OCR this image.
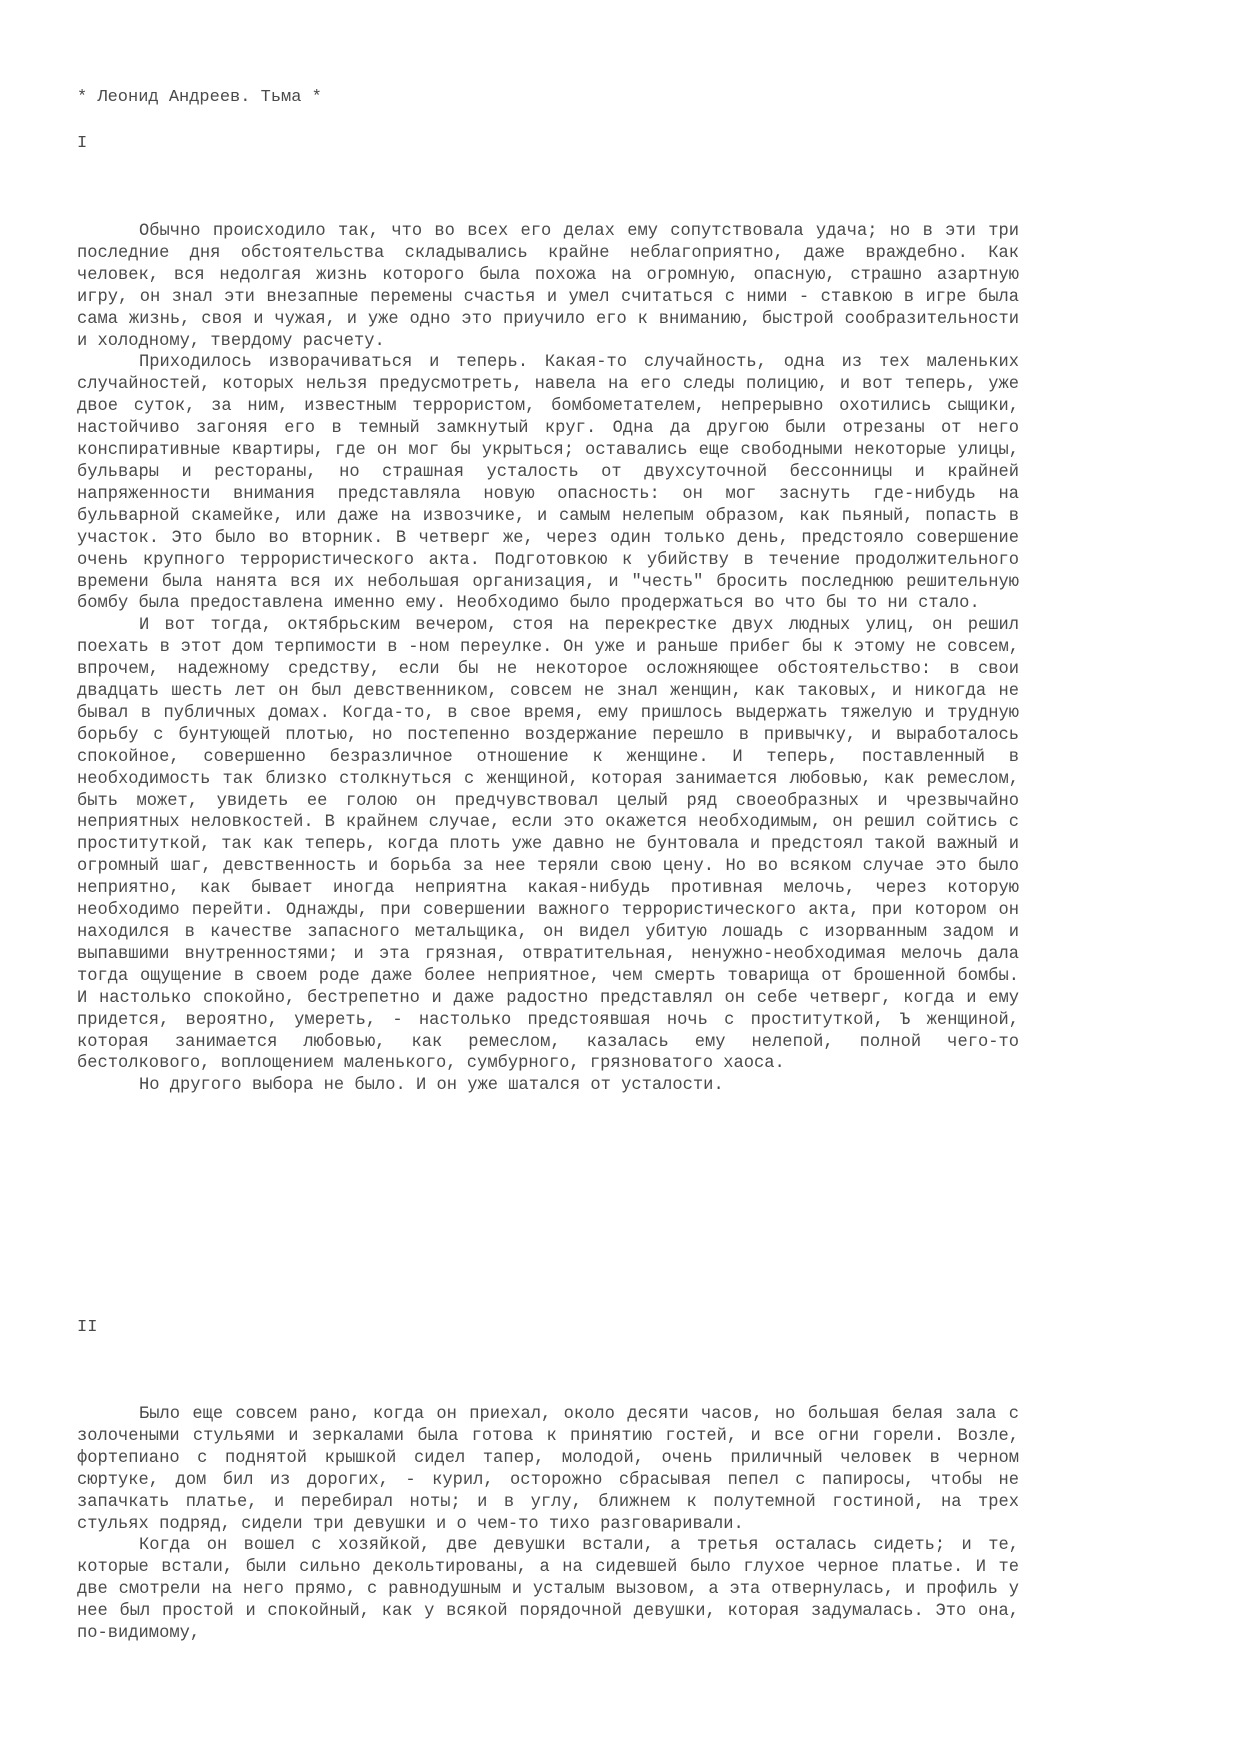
* Леонид Андреев. Тьма *
I

Обычно происходило так, что во всех его делах ему сопутствовала удача; но в эти три последние дня обстоятельства складывались крайне неблагоприятно, даже враждебно. Как человек, вся недолгая жизнь которого была похожа на огромную, опасную, страшно азартную игру, он знал эти внезапные перемены счастья и умел считаться с ними - ставкою в игре была сама жизнь, своя и чужая, и уже одно это приучило его к вниманию, быстрой сообразительности и холодному, твердому расчету.

Приходилось изворачиваться и теперь. Какая-то случайность, одна из тех маленьких случайностей, которых нельзя предусмотреть, навела на его следы полицию, и вот теперь, уже двое суток, за ним, известным террористом, бомбометателем, непрерывно охотились сыщики, настойчиво загоняя его в темный замкнутый круг. Одна да другою были отрезаны от него конспиративные квартиры, где он мог бы укрыться; оставались еще свободными некоторые улицы, бульвары и рестораны, но страшная усталость от двухсуточной бессонницы и крайней напряженности внимания представляла новую опасность: он мог заснуть где-нибудь на бульварной скамейке, или даже на извозчике, и самым нелепым образом, как пьяный, попасть в участок. Это было во вторник. В четверг же, через один только день, предстояло совершение очень крупного террористического акта. Подготовкою к убийству в течение продолжительного времени была нанята вся их небольшая организация, и "честь" бросить последнюю решительную бомбу была предоставлена именно ему. Необходимо было продержаться во что бы то ни стало.

И вот тогда, октябрьским вечером, стоя на перекрестке двух людных улиц, он решил поехать в этот дом терпимости в -ном переулке. Он уже и раньше прибег бы к этому не совсем, впрочем, надежному средству, если бы не некоторое осложняющее обстоятельство: в свои двадцать шесть лет он был девственником, совсем не знал женщин, как таковых, и никогда не бывал в публичных домах. Когда-то, в свое время, ему пришлось выдержать тяжелую и трудную борьбу с бунтующей плотью, но постепенно воздержание перешло в привычку, и выработалось спокойное, совершенно безразличное отношение к женщине. И теперь, поставленный в необходимость так близко столкнуться с женщиной, которая занимается любовью, как ремеслом, быть может, увидеть ее голою он предчувствовал целый ряд своеобразных и чрезвычайно неприятных неловкостей. В крайнем случае, если это окажется необходимым, он решил сойтись с проституткой, так как теперь, когда плоть уже давно не бунтовала и предстоял такой важный и огромный шаг, девственность и борьба за нее теряли свою цену. Но во всяком случае это было неприятно, как бывает иногда неприятна какая-нибудь противная мелочь, через которую необходимо перейти. Однажды, при совершении важного террористического акта, при котором он находился в качестве запасного метальщика, он видел убитую лошадь с изорванным задом и выпавшими внутренностями; и эта грязная, отвратительная, ненужно-необходимая мелочь дала тогда ощущение в своем роде даже более неприятное, чем смерть товарища от брошенной бомбы. И настолько спокойно, бестрепетно и даже радостно представлял он себе четверг, когда и ему придется, вероятно, умереть, - настолько предстоявшая ночь с проституткой, Ъ женщиной, которая занимается любовью, как ремеслом, казалась ему нелепой, полной чего-то бестолкового, воплощением маленького, сумбурного, грязноватого хаоса.

Но другого выбора не было. И он уже шатался от усталости.

II

Было еще совсем рано, когда он приехал, около десяти часов, но большая белая зала с золочеными стульями и зеркалами была готова к принятию гостей, и все огни горели. Возле, фортепиано с поднятой крышкой сидел тапер, молодой, очень приличный человек в черном сюртуке, дом бил из дорогих, - курил, осторожно сбрасывая пепел с папиросы, чтобы не запачкать платье, и перебирал ноты; и в углу, ближнем к полутемной гостиной, на трех стульях подряд, сидели три девушки и о чем-то тихо разговаривали.

Когда он вошел с хозяйкой, две девушки встали, а третья осталась сидеть; и те, которые встали, были сильно декольтированы, а на сидевшей было глухое черное платье. И те две смотрели на него прямо, с равнодушным и усталым вызовом, а эта отвернулась, и профиль у нее был простой и спокойный, как у всякой порядочной девушки, которая задумалась. Это она, по-видимому,
